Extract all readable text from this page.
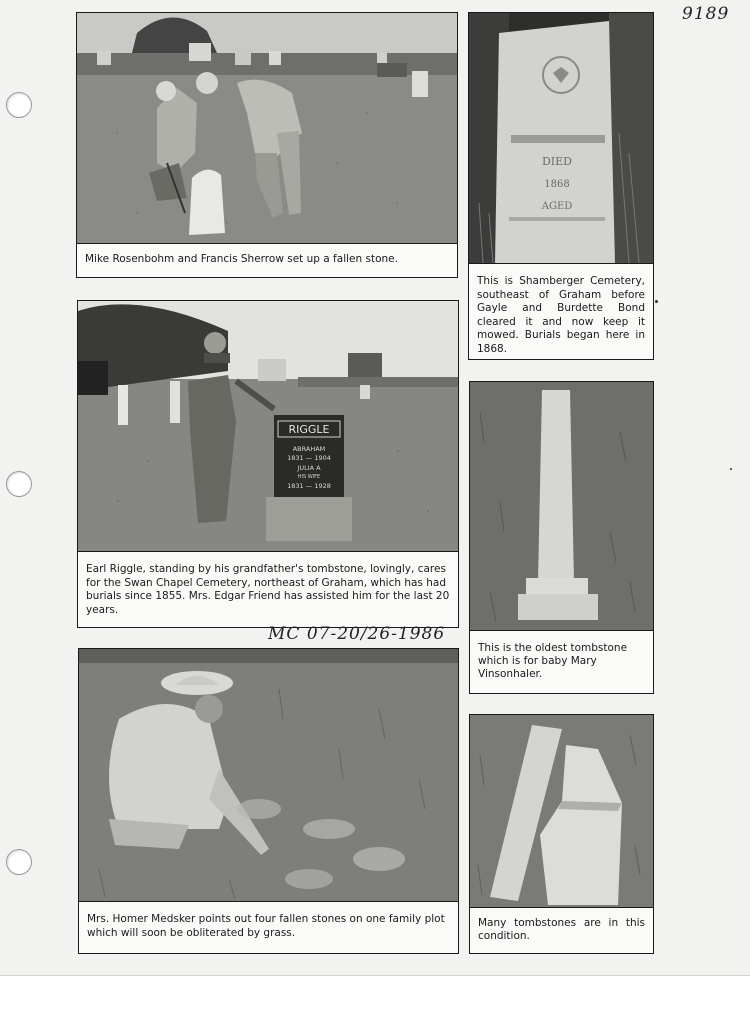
9189
Mike Rosenbohm and Francis Sherrow set up a fallen stone.
DIED
1868
AGED
This is Shamberger Cemetery, southeast of Graham before Gayle and Burdette Bond cleared it and now keep it mowed. Burials began here in 1868.
RIGGLE
ABRAHAM
1831 — 1904
JULIA A
HIS WIFE
1831 — 1928
Earl Riggle, standing by his grandfather's tombstone, lovingly, cares for the Swan Chapel Cemetery, northeast of Graham, which has had burials since 1855. Mrs. Edgar Friend has assisted him for the last 20 years.
MC 07-20/26-1986
This is the oldest tombstone which is for baby Mary Vinsonhaler.
Mrs. Homer Medsker points out four fallen stones on one family plot which will soon be obliterated by grass.
Many tombstones are in this condition.
